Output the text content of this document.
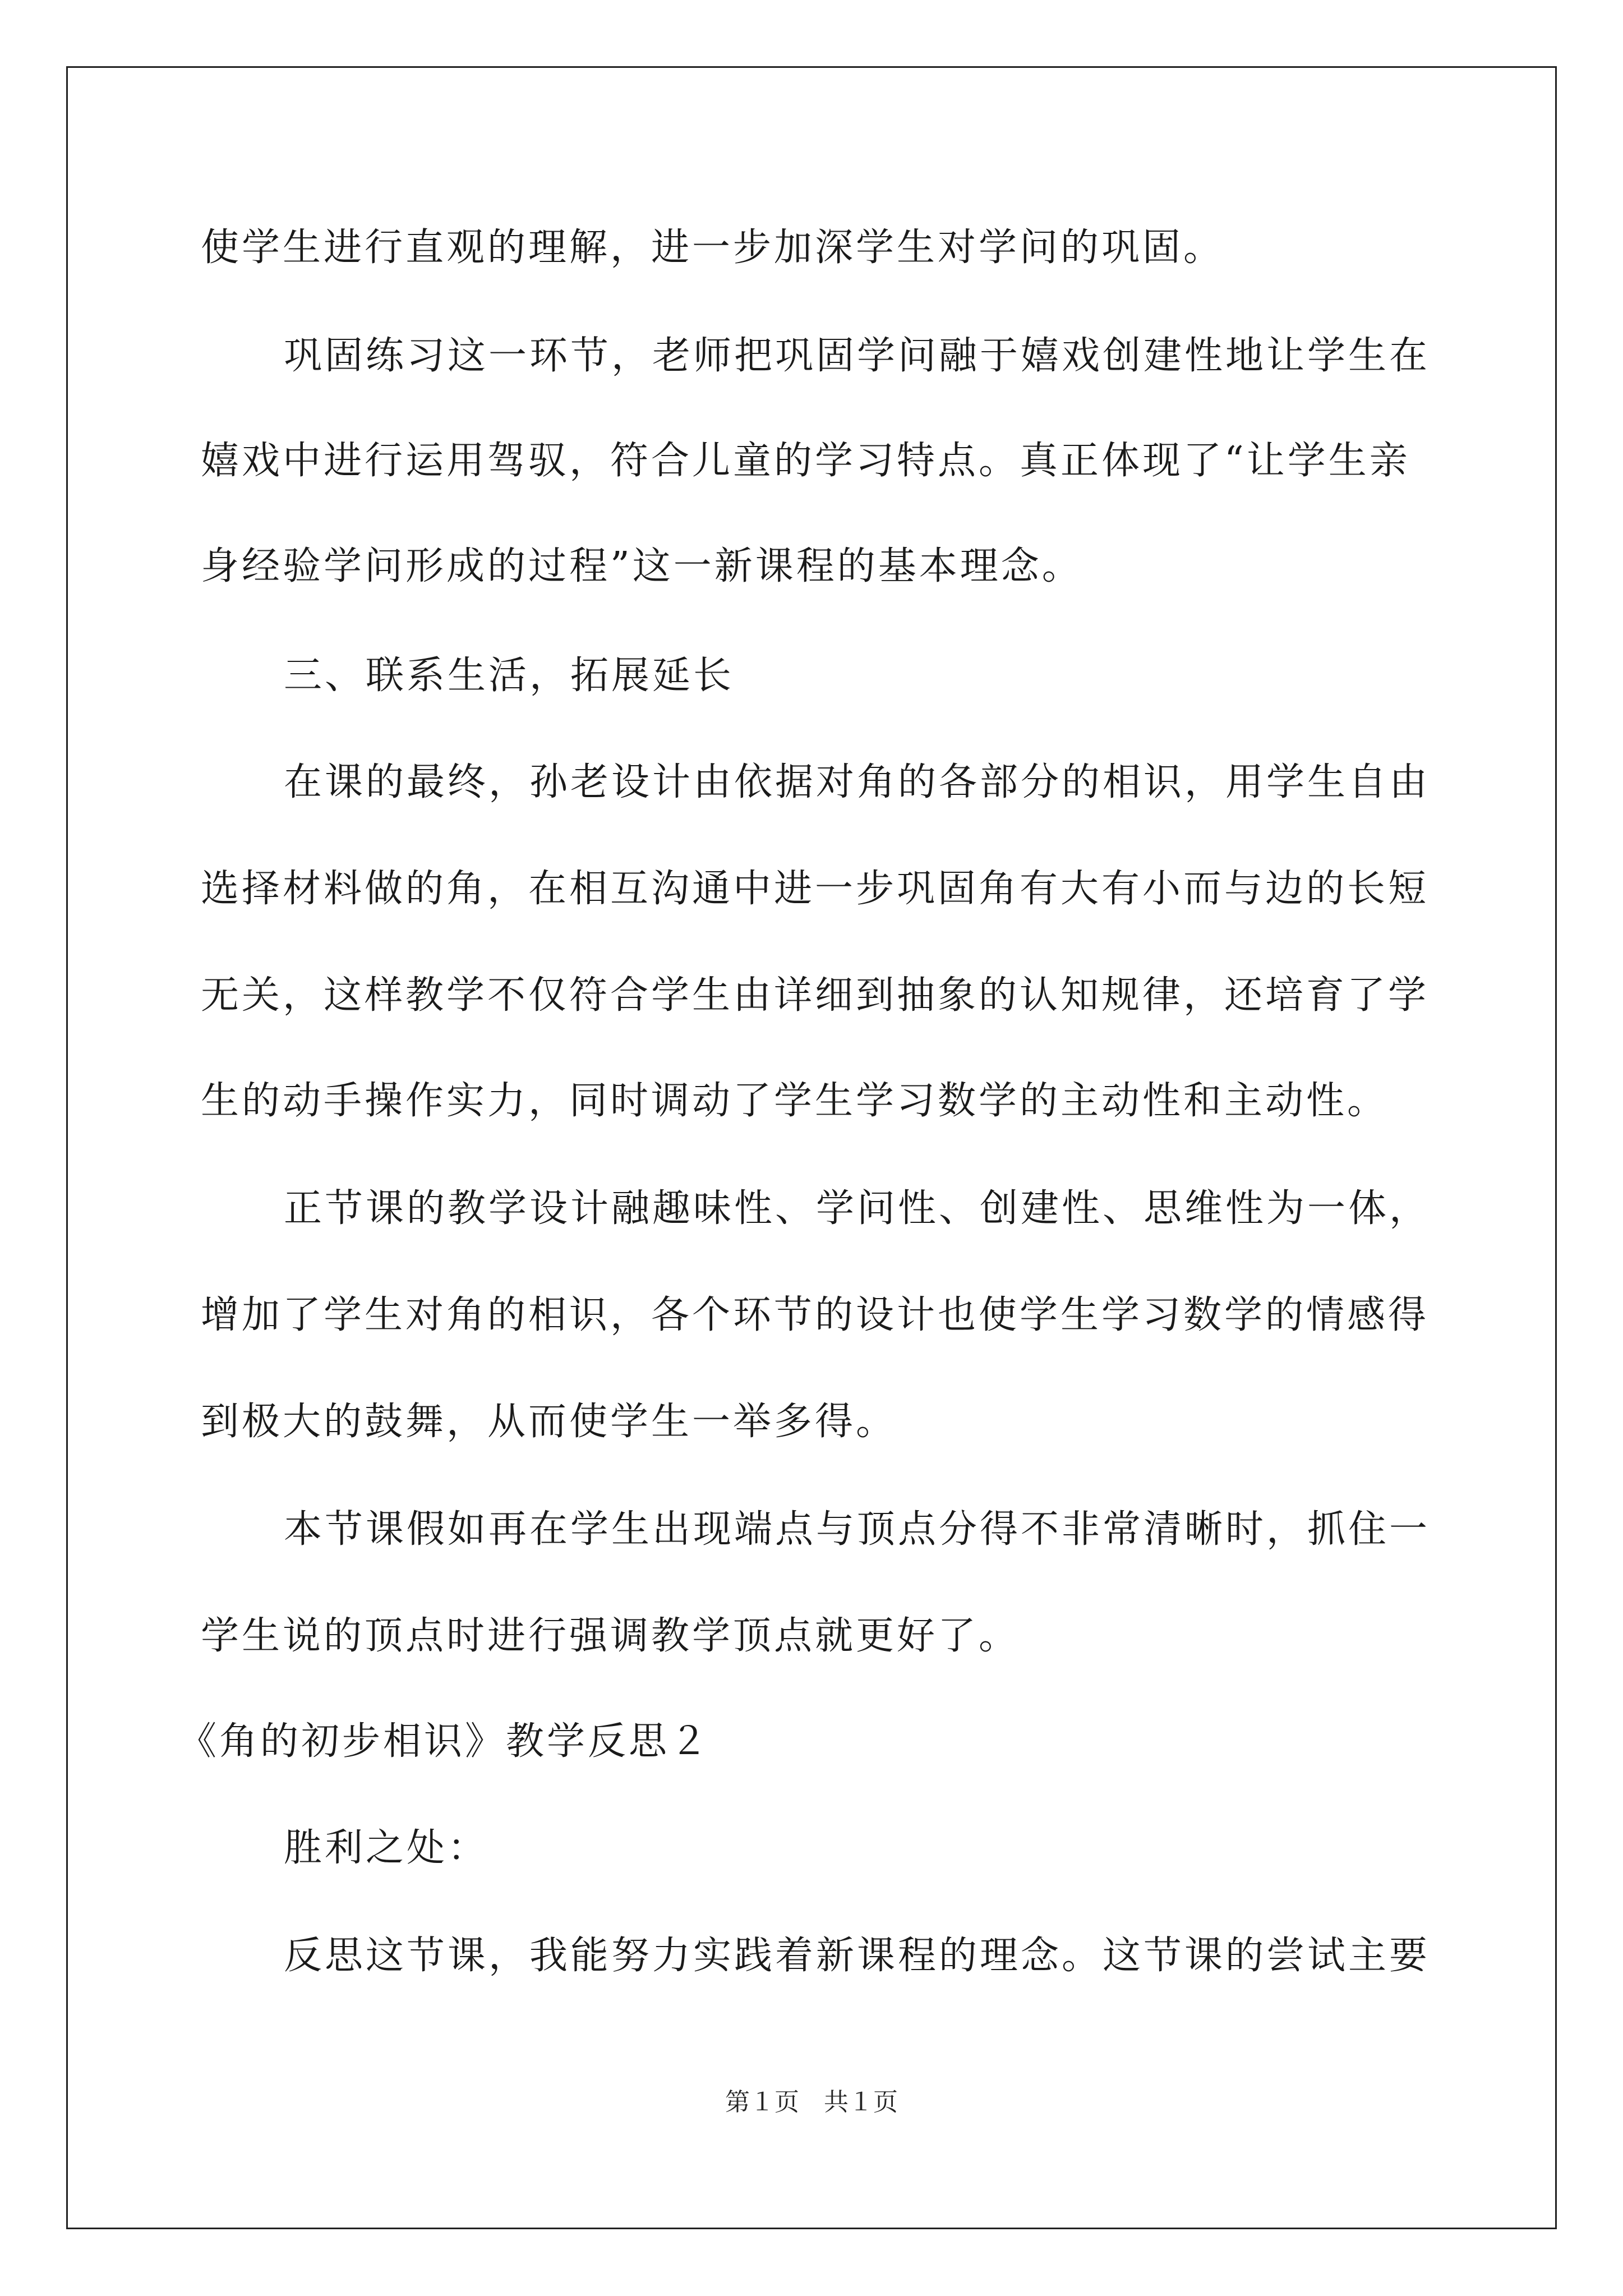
使学生进行直观的理解，进一步加深学生对学问的巩固。
巩固练习这一环节，老师把巩固学问融于嬉戏创建性地让学生在
嬉戏中进行运用驾驭，符合儿童的学习特点。真正体现了“让学生亲
身经验学问形成的过程”这一新课程的基本理念。
三、联系生活，拓展延长
在课的最终，孙老设计由依据对角的各部分的相识，用学生自由
选择材料做的角，在相互沟通中进一步巩固角有大有小而与边的长短
无关，这样教学不仅符合学生由详细到抽象的认知规律，还培育了学
生的动手操作实力，同时调动了学生学习数学的主动性和主动性。
正节课的教学设计融趣味性、学问性、创建性、思维性为一体，
增加了学生对角的相识，各个环节的设计也使学生学习数学的情感得
到极大的鼓舞，从而使学生一举多得。
本节课假如再在学生出现端点与顶点分得不非常清晰时，抓住一
学生说的顶点时进行强调教学顶点就更好了。
《角的初步相识》教学反思２
胜利之处：
反思这节课，我能努力实践着新课程的理念。这节课的尝试主要
第１页　共１页
